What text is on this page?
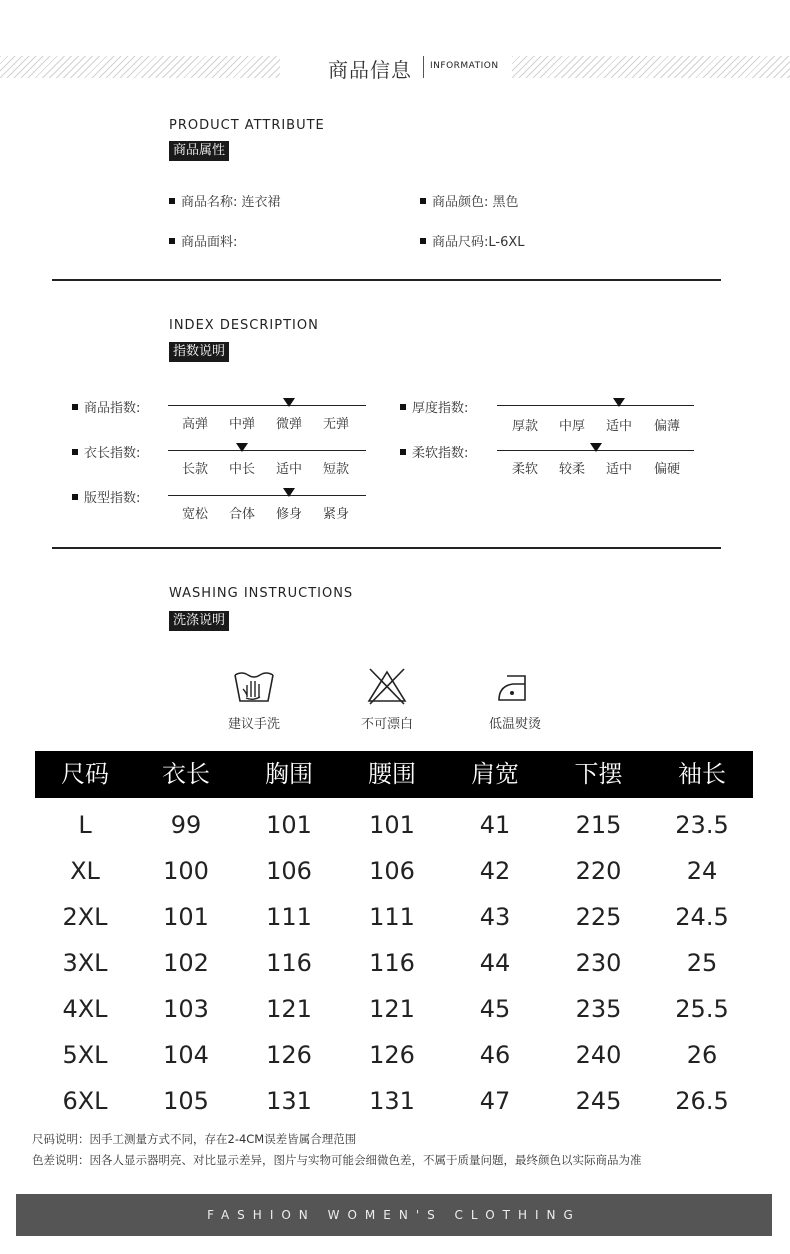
商品信息 INFORMATION
PRODUCT ATTRIBUTE
商品属性
商品名称: 连衣裙	商品颜色: 黑色
商品面料:	商品尺码:L-6XL
INDEX DESCRIPTION
指数说明
商品指数:
高弹	中弹	微弹	无弹
衣长指数:
长款	中长	适中	短款
版型指数:
宽松	合体	修身	紧身
厚度指数:
厚款	中厚	适中	偏薄
柔软指数:
柔软	较柔	适中	偏硬
WASHING INSTRUCTIONS
洗涤说明
建议手洗	不可漂白	低温熨烫
尺码	衣长	胸围	腰围	肩宽	下摆	袖长
L	99	101	101	41	215	23.5
XL	100	106	106	42	220	24
2XL	101	111	111	43	225	24.5
3XL	102	116	116	44	230	25
4XL	103	121	121	45	235	25.5
5XL	104	126	126	46	240	26
6XL	105	131	131	47	245	26.5
尺码说明：因手工测量方式不同，存在2-4CM误差皆属合理范围
色差说明：因各人显示器明亮、对比显示差异，图片与实物可能会细微色差，不属于质量问题，最终颜色以实际商品为准
FASHION WOMEN'S CLOTHING
